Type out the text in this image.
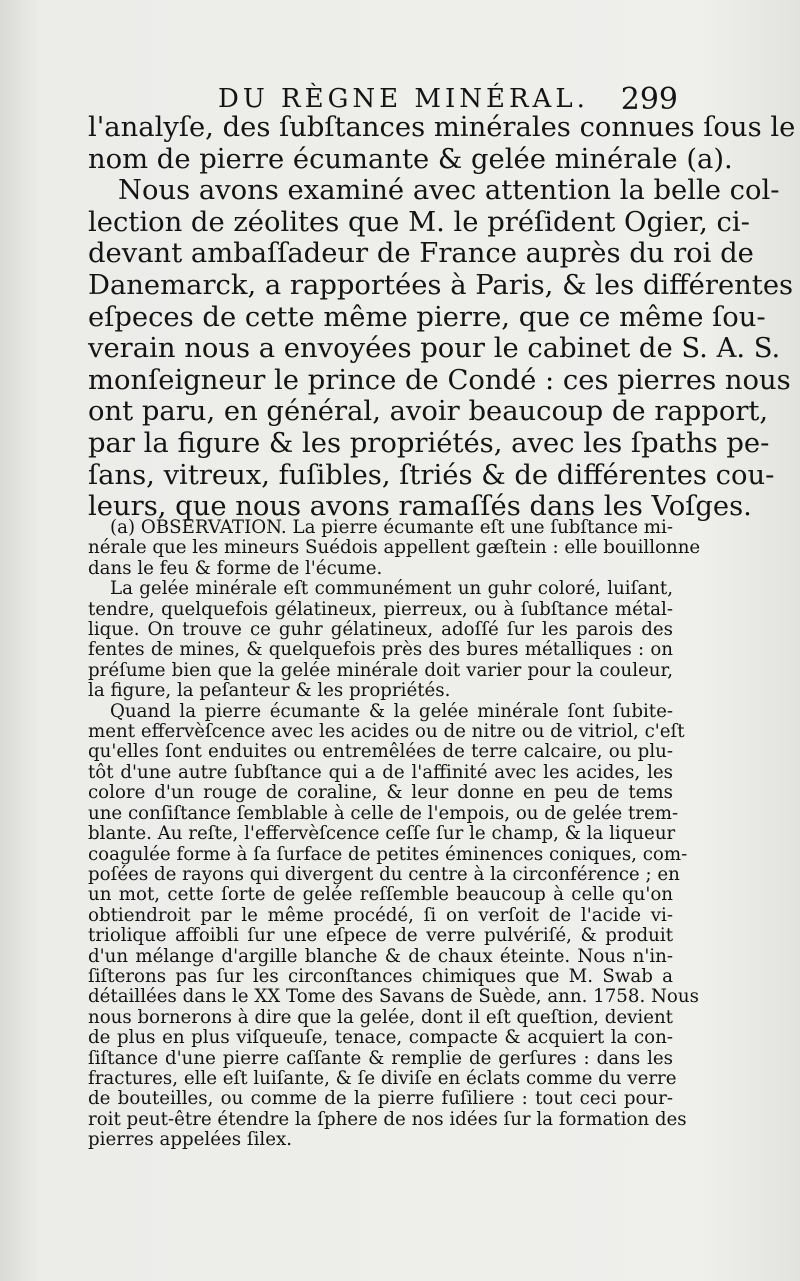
DU RÈGNE MINÉRAL. 299
l'analyſe, des ſubſtances minérales connues ſous le
nom de pierre écumante & gelée minérale (a).
Nous avons examiné avec attention la belle col-
lection de zéolites que M. le préſident Ogier, ci-
devant ambaſſadeur de France auprès du roi de
Danemarck, a rapportées à Paris, & les différentes
eſpeces de cette même pierre, que ce même ſou-
verain nous a envoyées pour le cabinet de S. A. S.
monſeigneur le prince de Condé : ces pierres nous
ont paru, en général, avoir beaucoup de rapport,
par la figure & les propriétés, avec les ſpaths pe-
ſans, vitreux, fuſibles, ſtriés & de différentes cou-
leurs, que nous avons ramaſſés dans les Voſges.
(a) OBSERVATION. La pierre écumante eſt une ſubſtance mi-
nérale que les mineurs Suédois appellent gæſtein : elle bouillonne
dans le feu & forme de l'écume.
La gelée minérale eſt communément un guhr coloré, luiſant,
tendre, quelquefois gélatineux, pierreux, ou à ſubſtance métal-
lique. On trouve ce guhr gélatineux, adoſſé ſur les parois des
fentes de mines, & quelquefois près des bures métalliques : on
préſume bien que la gelée minérale doit varier pour la couleur,
la figure, la peſanteur & les propriétés.
Quand la pierre écumante & la gelée minérale ſont ſubite-
ment effervèſcence avec les acides ou de nitre ou de vitriol, c'eſt
qu'elles ſont enduites ou entremêlées de terre calcaire, ou plu-
tôt d'une autre ſubſtance qui a de l'affinité avec les acides, les
colore d'un rouge de coraline, & leur donne en peu de tems
une conſiſtance ſemblable à celle de l'empois, ou de gelée trem-
blante. Au reſte, l'effervèſcence ceſſe ſur le champ, & la liqueur
coagulée forme à ſa ſurface de petites éminences coniques, com-
poſées de rayons qui divergent du centre à la circonférence ; en
un mot, cette ſorte de gelée reſſemble beaucoup à celle qu'on
obtiendroit par le même procédé, ſi on verſoit de l'acide vi-
triolique affoibli ſur une eſpece de verre pulvériſé, & produit
d'un mélange d'argille blanche & de chaux éteinte. Nous n'in-
ſiſterons pas ſur les circonſtances chimiques que M. Swab a
détaillées dans le XX Tome des Savans de Suède, ann. 1758. Nous
nous bornerons à dire que la gelée, dont il eſt queſtion, devient
de plus en plus viſqueuſe, tenace, compacte & acquiert la con-
ſiſtance d'une pierre caſſante & remplie de gerſures : dans les
fractures, elle eſt luiſante, & ſe diviſe en éclats comme du verre
de bouteilles, ou comme de la pierre fuſiliere : tout ceci pour-
roit peut-être étendre la ſphere de nos idées ſur la formation des
pierres appelées ſilex.
